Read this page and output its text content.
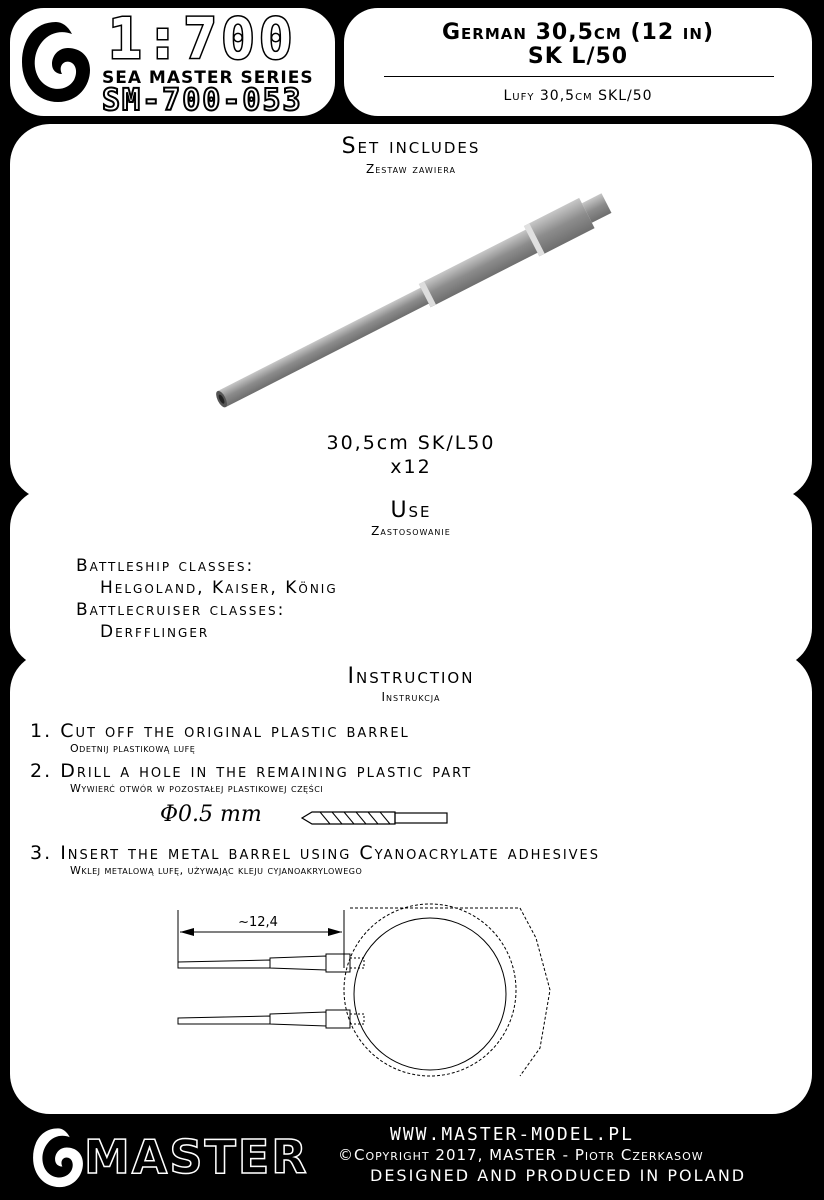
1:700
SEA MASTER SERIES
SM-700-053
German 30,5cm (12 in)
SK L/50
Lufy 30,5cm SKL/50
Set includes
Zestaw zawiera
30,5cm SK/L50
x12
Use
Zastosowanie
Battleship classes:
Helgoland, Kaiser, König
Battlecruiser classes:
Derfflinger
Instruction
Instrukcja
1. Cut off the original plastic barrel
Odetnij plastikową lufę
2. Drill a hole in the remaining plastic part
Wywierć otwór w pozostałej plastikowej części
Φ0.5 mm
3. Insert the metal barrel using Cyanoacrylate adhesives
Wklej metalową lufę, używając kleju cyjanoakrylowego
~12,4
MASTER	WWW.MASTER-MODEL.PL
©Copyright 2017, MASTER - Piotr Czerkasow
DESIGNED AND PRODUCED IN POLAND
